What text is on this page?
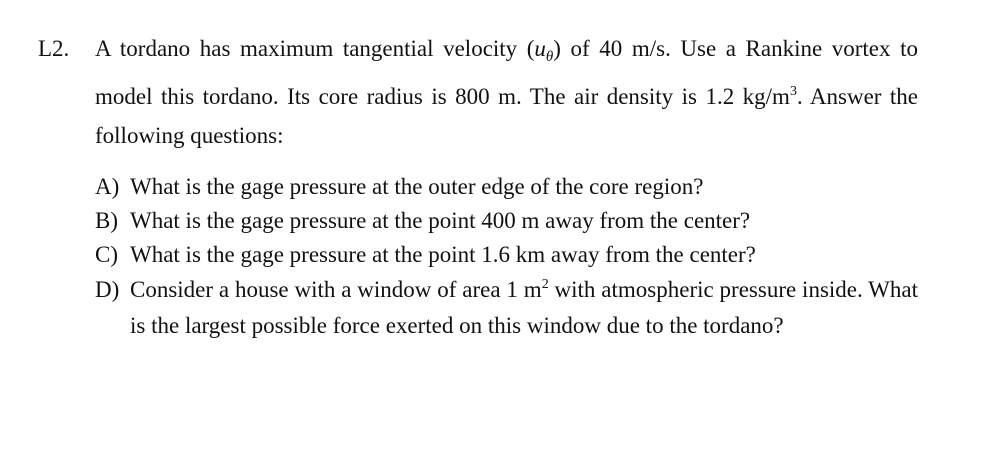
L2. A tordano has maximum tangential velocity $(u_\theta)$ of 40 m/s. Use a Rankine vortex to model this tordano. Its core radius is 800 m. The air density is 1.2 $kg/m^3$. Answer the following questions:
A) What is the gage pressure at the outer edge of the core region?
B) What is the gage pressure at the point 400 m away from the center?
C) What is the gage pressure at the point 1.6 km away from the center?
D) Consider a house with a window of area 1 $m^2$ with atmospheric pressure inside. What is the largest possible force exerted on this window due to the tordano?
